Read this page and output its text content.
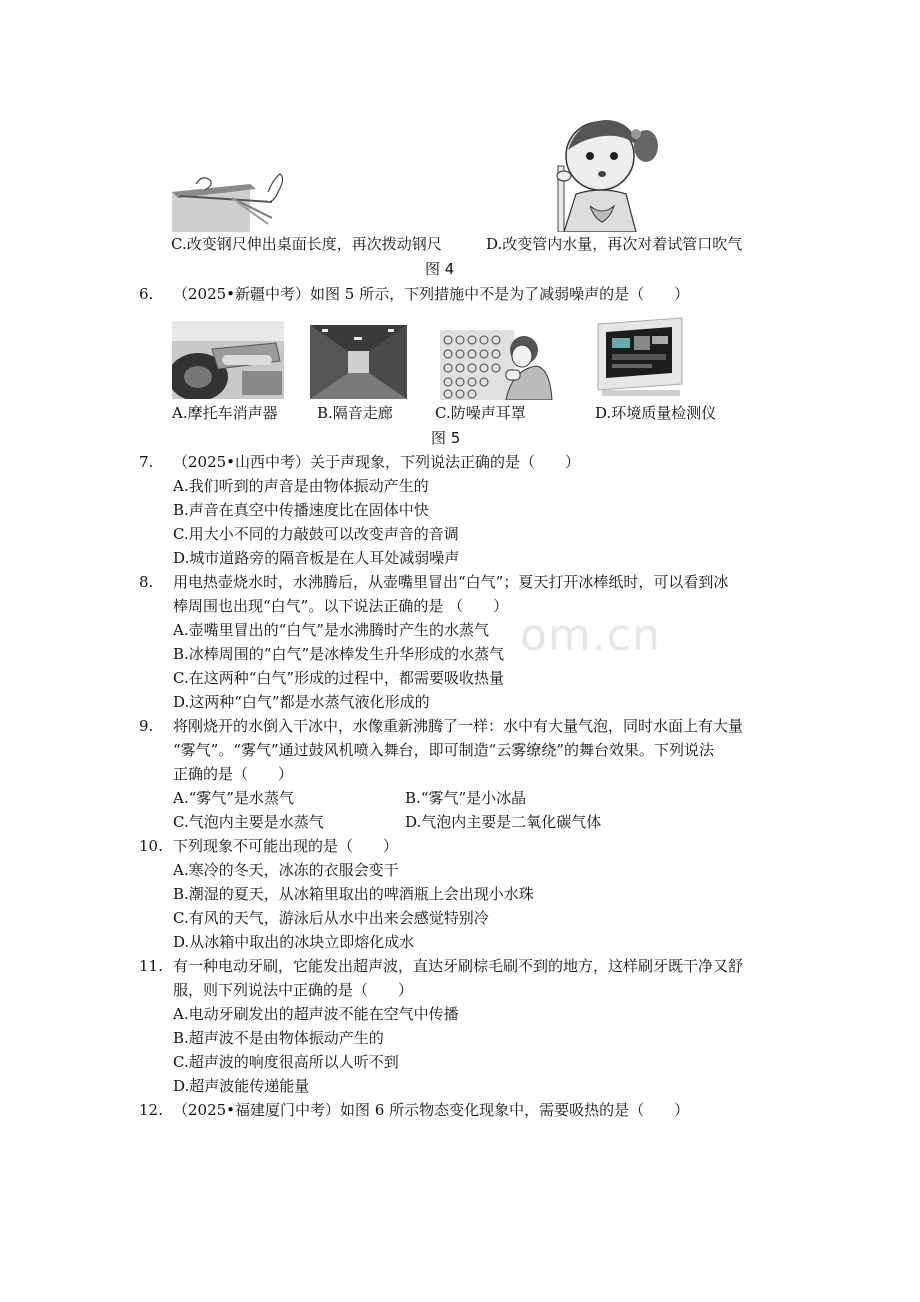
om.cn
C.改变钢尺伸出桌面长度，再次拨动钢尺	D.改变管内水量，再次对着试管口吹气
图 4
6. （2025•新疆中考）如图 5 所示，下列措施中不是为了减弱噪声的是（　　）
A.摩托车消声器	B.隔音走廊	C.防噪声耳罩	D.环境质量检测仪
图 5
7. （2025•山西中考）关于声现象，下列说法正确的是（　　）
A.我们听到的声音是由物体振动产生的
B.声音在真空中传播速度比在固体中快
C.用大小不同的力敲鼓可以改变声音的音调
D.城市道路旁的隔音板是在人耳处减弱噪声
8. 用电热壶烧水时，水沸腾后，从壶嘴里冒出“白气”；夏天打开冰棒纸时，可以看到冰
棒周围也出现“白气”。以下说法正确的是 （　　）
A.壶嘴里冒出的“白气”是水沸腾时产生的水蒸气
B.冰棒周围的“白气”是冰棒发生升华形成的水蒸气
C.在这两种“白气”形成的过程中，都需要吸收热量
D.这两种“白气”都是水蒸气液化形成的
9. 将刚烧开的水倒入干冰中，水像重新沸腾了一样：水中有大量气泡，同时水面上有大量
“雾气”。“雾气”通过鼓风机喷入舞台，即可制造“云雾缭绕”的舞台效果。下列说法
正确的是（　　）
A.“雾气”是水蒸气	B.“雾气”是小冰晶
C.气泡内主要是水蒸气	D.气泡内主要是二氧化碳气体
10. 下列现象不可能出现的是（　　）
A.寒冷的冬天，冰冻的衣服会变干
B.潮湿的夏天，从冰箱里取出的啤酒瓶上会出现小水珠
C.有风的天气，游泳后从水中出来会感觉特别冷
D.从冰箱中取出的冰块立即熔化成水
11. 有一种电动牙刷，它能发出超声波，直达牙刷棕毛刷不到的地方，这样刷牙既干净又舒
服，则下列说法中正确的是（　　）
A.电动牙刷发出的超声波不能在空气中传播
B.超声波不是由物体振动产生的
C.超声波的响度很高所以人听不到
D.超声波能传递能量
12. （2025•福建厦门中考）如图 6 所示物态变化现象中，需要吸热的是（　　）
